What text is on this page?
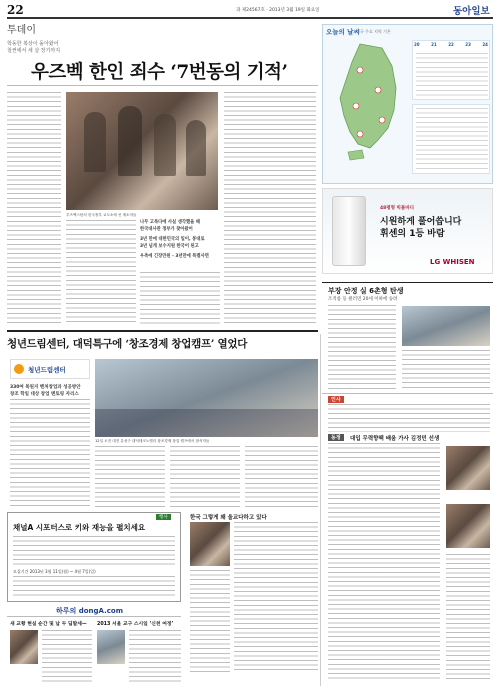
22	과 제24567호 · 2013년 3월 19일 화요일	동아일보
투데이
학동한 복상이 돌아왔어
철썬에서 세 살 장기까지
우즈벡 한인 죄수 ‘7번동의 기적’
우즈벡스탄의 한국정부 교도소에 선 재소자들
나무 고목다에 사실 생각했을 때
한국대사관 정부가 찾아왔어
3년 만에 대한민국의 일이, 봉대로
3년 넘게 보수지원 한국어 된고
우측에 긴장만원 - 3년만에 특별사면
오늘의 날씨
전국 주요 지역 기온
20	21	22	23	24
48평형 빅볼바디
시원하게 풀어씁니다
휘센의 1등 바람
LG WHISEN
부장 안정 실 6촌형 탄생
조직룸 등 클러먼 20세 이하에 승려
인사
동정	대입 무력향팩 배움 가사 김정민 선생
청년드림센터, 대덕특구에 ‘창조경제 창업캠프’ 열었다
청년드림센터
330여 복원지 벤처창업과 성공방안
창조 학일 대상 창업 멘토링 자리스
12일 오전 대전 유성구 대덕테크노밸리 창조경제 창업 캠프에서 참석자들
행사
채널A 시포터스로 키와 재능을 펼치세요
모집기간 2013년 3월 11일(월) ~ 4월 7일(일)
하루의 dongA.com
한국 그렇게 왜 울교다하고 있다
새 교황 현실 순간 및 납 두 딥딸세— 2013 서울 교구 스시일 ‘신천 여정’
